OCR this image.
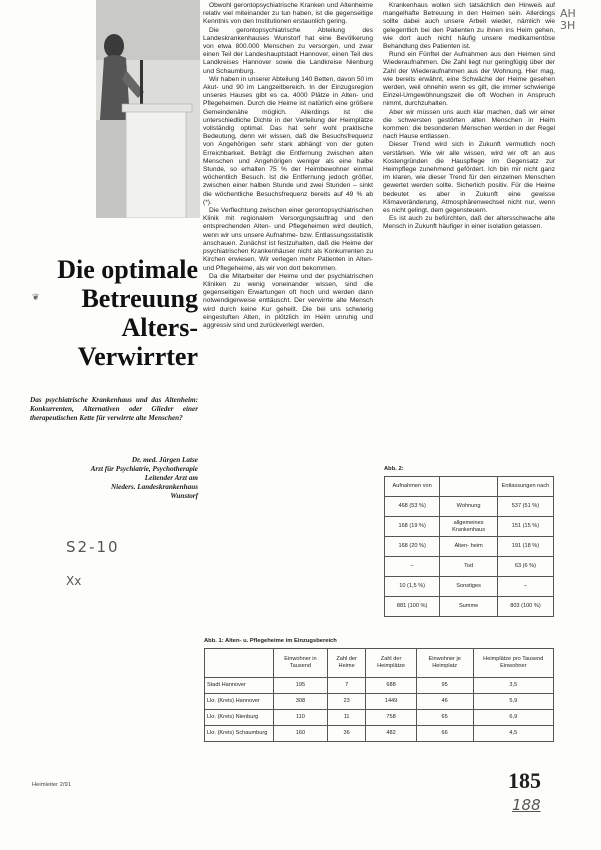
Die optimale
Betreuung
Alters-
Verwirrter
❦
Das psychiatrische Krankenhaus und das Altenheim: Konkurrenten, Alternativen oder Glieder einer therapeutischen Kette für verwirrte alte Menschen?
Dr. med. Jürgen Latse
Arzt für Psychiatrie, Psychotherapie
Leitender Arzt am
Nieders. Landeskrankenhaus
Wunstorf
S2-10
Xx
AH 3H

Obwohl gerontopsychiatrische Kranken und Altenheime relativ viel miteinander zu tun haben, ist die gegenseitige Kenntnis von den Institutionen erstaunlich gering.

Die gerontopsychiatrische Abteilung des Landeskrankenhauses Wunstorf hat eine Bevölkerung von etwa 800.000 Menschen zu versorgen, und zwar einen Teil der Landeshauptstadt Hannover, einen Teil des Landkreises Hannover sowie die Landkreise Nienburg und Schaumburg.

Wir haben in unserer Abteilung 140 Betten, davon 50 im Akut- und 90 im Langzeitbereich. In der Einzugsregion unseres Hauses gibt es ca. 4000 Plätze in Alten- und Pflegeheimen. Durch die Heime ist natürlich eine größere Gemeindenähe möglich. Allerdings ist die unterschiedliche Dichte in der Verteilung der Heimplätze vollständig optimal. Das hat sehr wohl praktische Bedeutung, denn wir wissen, daß die Besuchsfrequenz von Angehörigen sehr stark abhängt von der guten Erreichbarkeit. Beträgt die Entfernung zwischen alten Menschen und Angehörigen weniger als eine halbe Stunde, so erhalten 75 % der Heimbewohner einmal wöchentlich Besuch. Ist die Entfernung jedoch größer, zwischen einer halben Stunde und zwei Stunden – sinkt die wöchentliche Besuchsfrequenz bereits auf 49 % ab (*).

Die Verflechtung zwischen einer gerontopsychiatrischen Klinik mit regionalem Versorgungsauftrag und den entsprechenden Alten- und Pflegeheimen wird deutlich, wenn wir uns unsere Aufnahme- bzw. Entlassungsstatistik anschauen. Zunächst ist festzuhalten, daß die Heime der psychiatrischen Krankenhäuser nicht als Konkurrenten zu Kirchen erwiesen. Wir verlegen mehr Patienten in Alten- und Pflegeheime, als wir von dort bekommen.

Da die Mitarbeiter der Heime und der psychiatrischen Kliniken zu wenig voneinander wissen, sind die gegenseitigen Erwartungen oft hoch und werden dann notwendigerweise enttäuscht. Der verwirrte alte Mensch wird durch keine Kur geheilt. Die bei uns schwierig eingestuften Alten, in plötzlich im Heim unruhig und aggressiv sind und zurückverlegt werden.

Krankenhaus wollen sich tatsächlich den Hinweis auf mangelhafte Betreuung in den Heimen sein. Allerdings sollte dabei auch unsere Arbeit wieder, nämlich wie gelegentlich bei den Patienten zu ihnen ins Heim gehen, wie dort auch nicht häufig unsere medikamentöse Behandlung des Patienten ist.

Rund ein Fünftel der Aufnahmen aus den Heimen sind Wiederaufnahmen. Die Zahl liegt nur geringfügig über der Zahl der Wiederaufnahmen aus der Wohnung. Hier mag, wie bereits erwähnt, eine Schwäche der Heime gesehen werden, weil ohnehin wenn es gilt, die immer schwierige Einzel-Umgewöhnungszeit die oft Wochen in Anspruch nimmt, durchzuhalten.

Aber wir müssen uns auch klar machen, daß wir einer die schwersten gestörten alten Menschen in Heim kommen: die besonderen Menschen werden in der Regel nach Hause entlassen.

Dieser Trend wird sich in Zukunft vermutlich noch verstärken. Wie wir alle wissen, wird wir oft an aus Kostengründen die Hauspflege im Gegensatz zur Heimpflege zunehmend gefördert. Ich bin mir nicht ganz im klaren, wie dieser Trend für den einzelnen Menschen gewertet werden sollte. Sicherlich positiv. Für die Heime bedeutet es aber in Zukunft eine gewisse Klimaveränderung, Atmosphärenwechsel nicht nur, wenn es nicht gelingt, dem gegensteuern.

Es ist auch zu befürchten, daß der altersschwache alte Mensch in Zukunft häufiger in einer isolation gelassen.

Abb. 2:
Aufnahmen von		Entlassungen nach
468 (53 %)	Wohnung	537 (51 %)
168 (19 %)	allgemeines Krankenhaus	151 (15 %)
168 (20 %)	Alten- heim	191 (18 %)
–	Tod	63 (6 %)
10 (1,5 %)	Sonstiges	–
881 (100 %)	Summe	803 (100 %)
Abb. 1: Alten- u. Pflegeheime im Einzugsbereich
	Einwohner in Tausend	Zahl der Heime	Zahl der Heimplätze	Einwohner je Heimplatz	Heimplätze pro Tausend Einwohner
Stadt Hannover	195	7	688	95	3,5
Lkr. (Kreis) Hannover	308	23	1449	46	5,9
Lkr. (Kreis) Nienburg	110	11	758	65	6,9
Lkr. (Kreis) Schaumburg	160	36	482	66	4,5
Heimleiter 2/91	185
188
